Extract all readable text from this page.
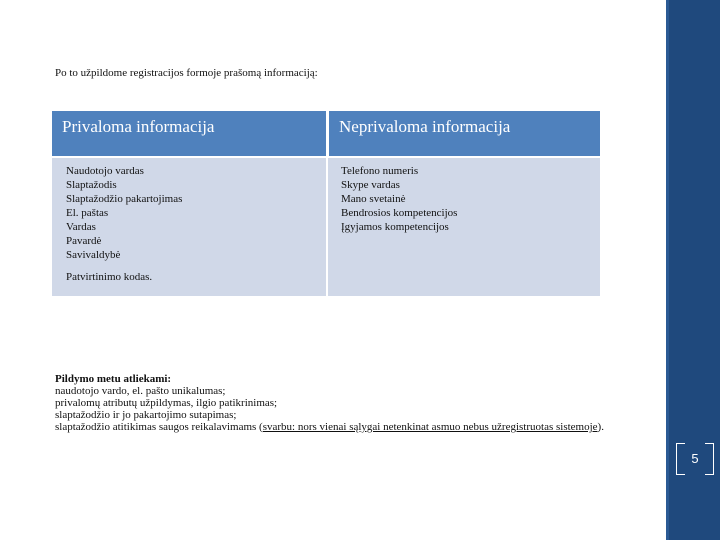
Po to užpildome registracijos formoje prašomą informaciją:
Privaloma informacija	Neprivaloma informacija
Naudotojo vardas
Slaptažodis
Slaptažodžio pakartojimas
El. paštas
Vardas
Pavardė
Savivaldybė
Patvirtinimo kodas.
Telefono numeris
Skype vardas
Mano svetainė
Bendrosios kompetencijos
Įgyjamos kompetencijos
Pildymo metu atliekami:
naudotojo vardo, el. pašto unikalumas;
privalomų atributų užpildymas, ilgio patikrinimas;
slaptažodžio ir jo pakartojimo sutapimas;
slaptažodžio atitikimas saugos reikalavimams (svarbu: nors vienai sąlygai netenkinat asmuo nebus užregistruotas sistemoje).
5
